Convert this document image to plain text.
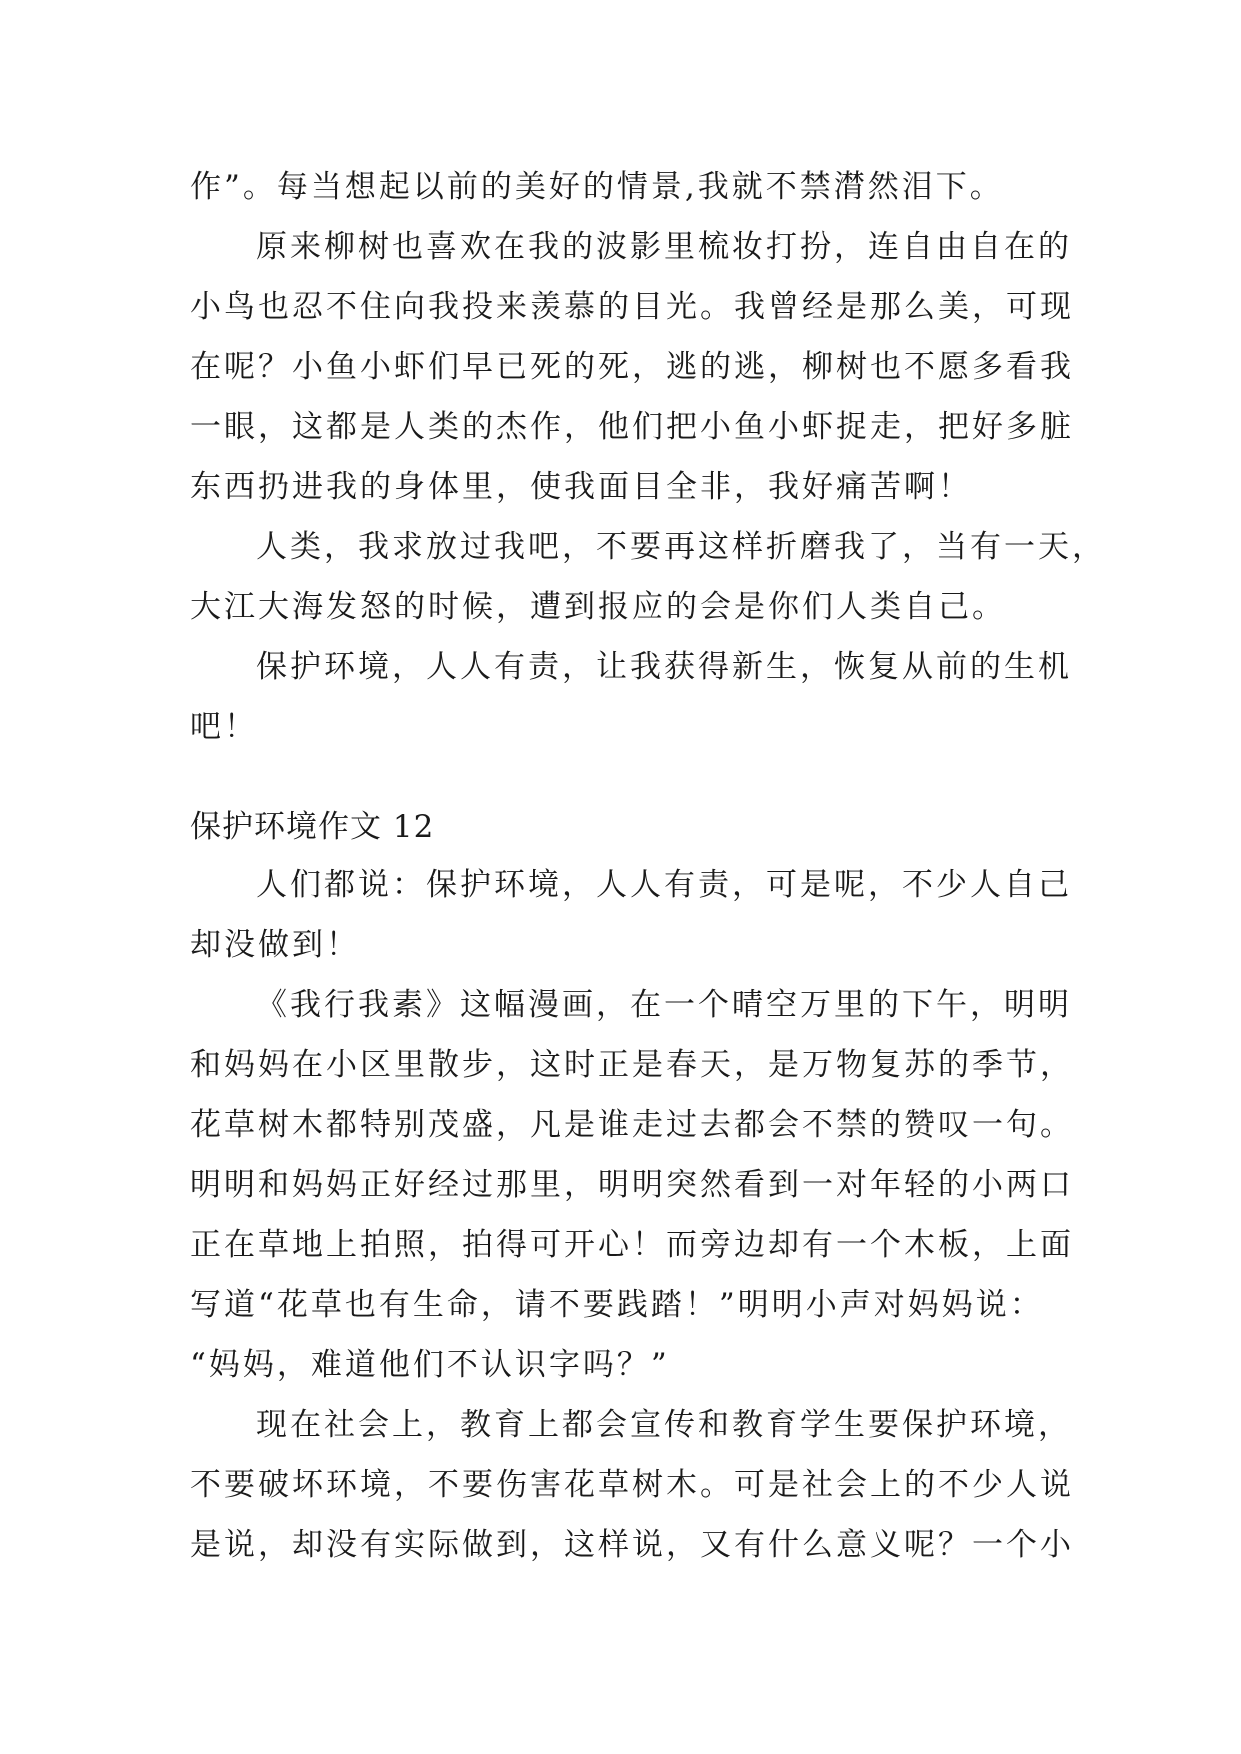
作”。每当想起以前的美好的情景,我就不禁潸然泪下。
原来柳树也喜欢在我的波影里梳妆打扮，连自由自在的
小鸟也忍不住向我投来羡慕的目光。我曾经是那么美，可现
在呢？小鱼小虾们早已死的死，逃的逃，柳树也不愿多看我
一眼，这都是人类的杰作，他们把小鱼小虾捉走，把好多脏
东西扔进我的身体里，使我面目全非，我好痛苦啊！
人类，我求放过我吧，不要再这样折磨我了，当有一天，
大江大海发怒的时候，遭到报应的会是你们人类自己。
保护环境，人人有责，让我获得新生，恢复从前的生机
吧！
保护环境作文 12
人们都说：保护环境，人人有责，可是呢，不少人自己
却没做到！
《我行我素》这幅漫画，在一个晴空万里的下午，明明
和妈妈在小区里散步，这时正是春天，是万物复苏的季节，
花草树木都特别茂盛，凡是谁走过去都会不禁的赞叹一句。
明明和妈妈正好经过那里，明明突然看到一对年轻的小两口
正在草地上拍照，拍得可开心！而旁边却有一个木板，上面
写道“花草也有生命，请不要践踏！”明明小声对妈妈说：
“妈妈，难道他们不认识字吗？”
现在社会上，教育上都会宣传和教育学生要保护环境，
不要破坏环境，不要伤害花草树木。可是社会上的不少人说
是说，却没有实际做到，这样说，又有什么意义呢？一个小
